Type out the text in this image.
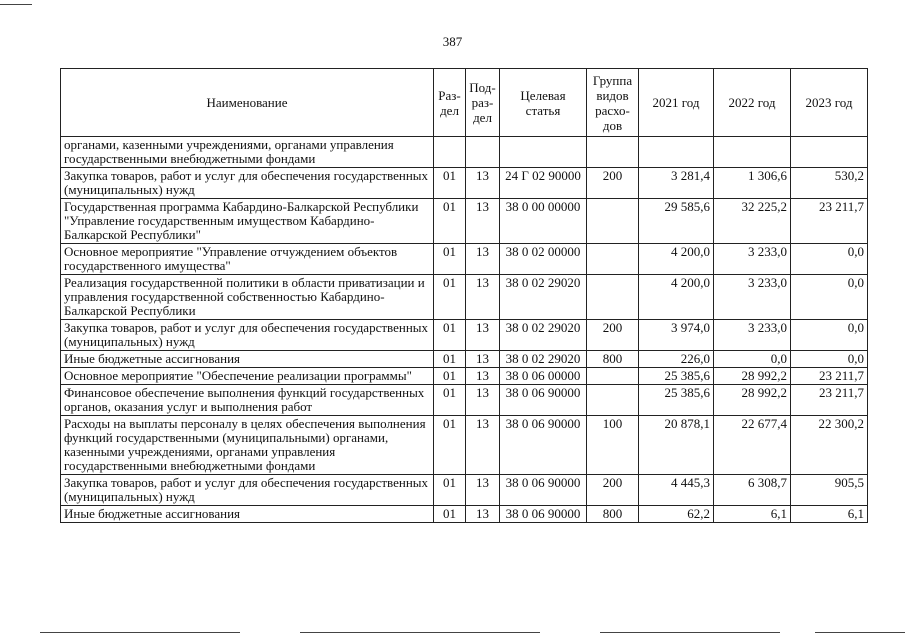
387
Наименование	Раз-дел	Под-раз-дел	Целевая статья	Группа видов расхо-дов	2021 год	2022 год	2023 год
органами, казенными учреждениями, органами управления государственными внебюджетными фондами							
Закупка товаров, работ и услуг для обеспечения государственных (муниципальных) нужд	01	13	24 Г 02 90000	200	3 281,4	1 306,6	530,2
Государственная программа Кабардино-Балкарской Республики "Управление государственным имуществом Кабардино-Балкарской Республики"	01	13	38 0 00 00000		29 585,6	32 225,2	23 211,7
Основное мероприятие "Управление отчуждением объектов государственного имущества"	01	13	38 0 02 00000		4 200,0	3 233,0	0,0
Реализация государственной политики в области приватизации и управления государственной собственностью Кабардино-Балкарской Республики	01	13	38 0 02 29020		4 200,0	3 233,0	0,0
Закупка товаров, работ и услуг для обеспечения государственных (муниципальных) нужд	01	13	38 0 02 29020	200	3 974,0	3 233,0	0,0
Иные бюджетные ассигнования	01	13	38 0 02 29020	800	226,0	0,0	0,0
Основное мероприятие "Обеспечение реализации программы"	01	13	38 0 06 00000		25 385,6	28 992,2	23 211,7
Финансовое обеспечение выполнения функций государственных органов, оказания услуг и выполнения работ	01	13	38 0 06 90000		25 385,6	28 992,2	23 211,7
Расходы на выплаты персоналу в целях обеспечения выполнения функций государственными (муниципальными) органами, казенными учреждениями, органами управления государственными внебюджетными фондами	01	13	38 0 06 90000	100	20 878,1	22 677,4	22 300,2
Закупка товаров, работ и услуг для обеспечения государственных (муниципальных) нужд	01	13	38 0 06 90000	200	4 445,3	6 308,7	905,5
Иные бюджетные ассигнования	01	13	38 0 06 90000	800	62,2	6,1	6,1
